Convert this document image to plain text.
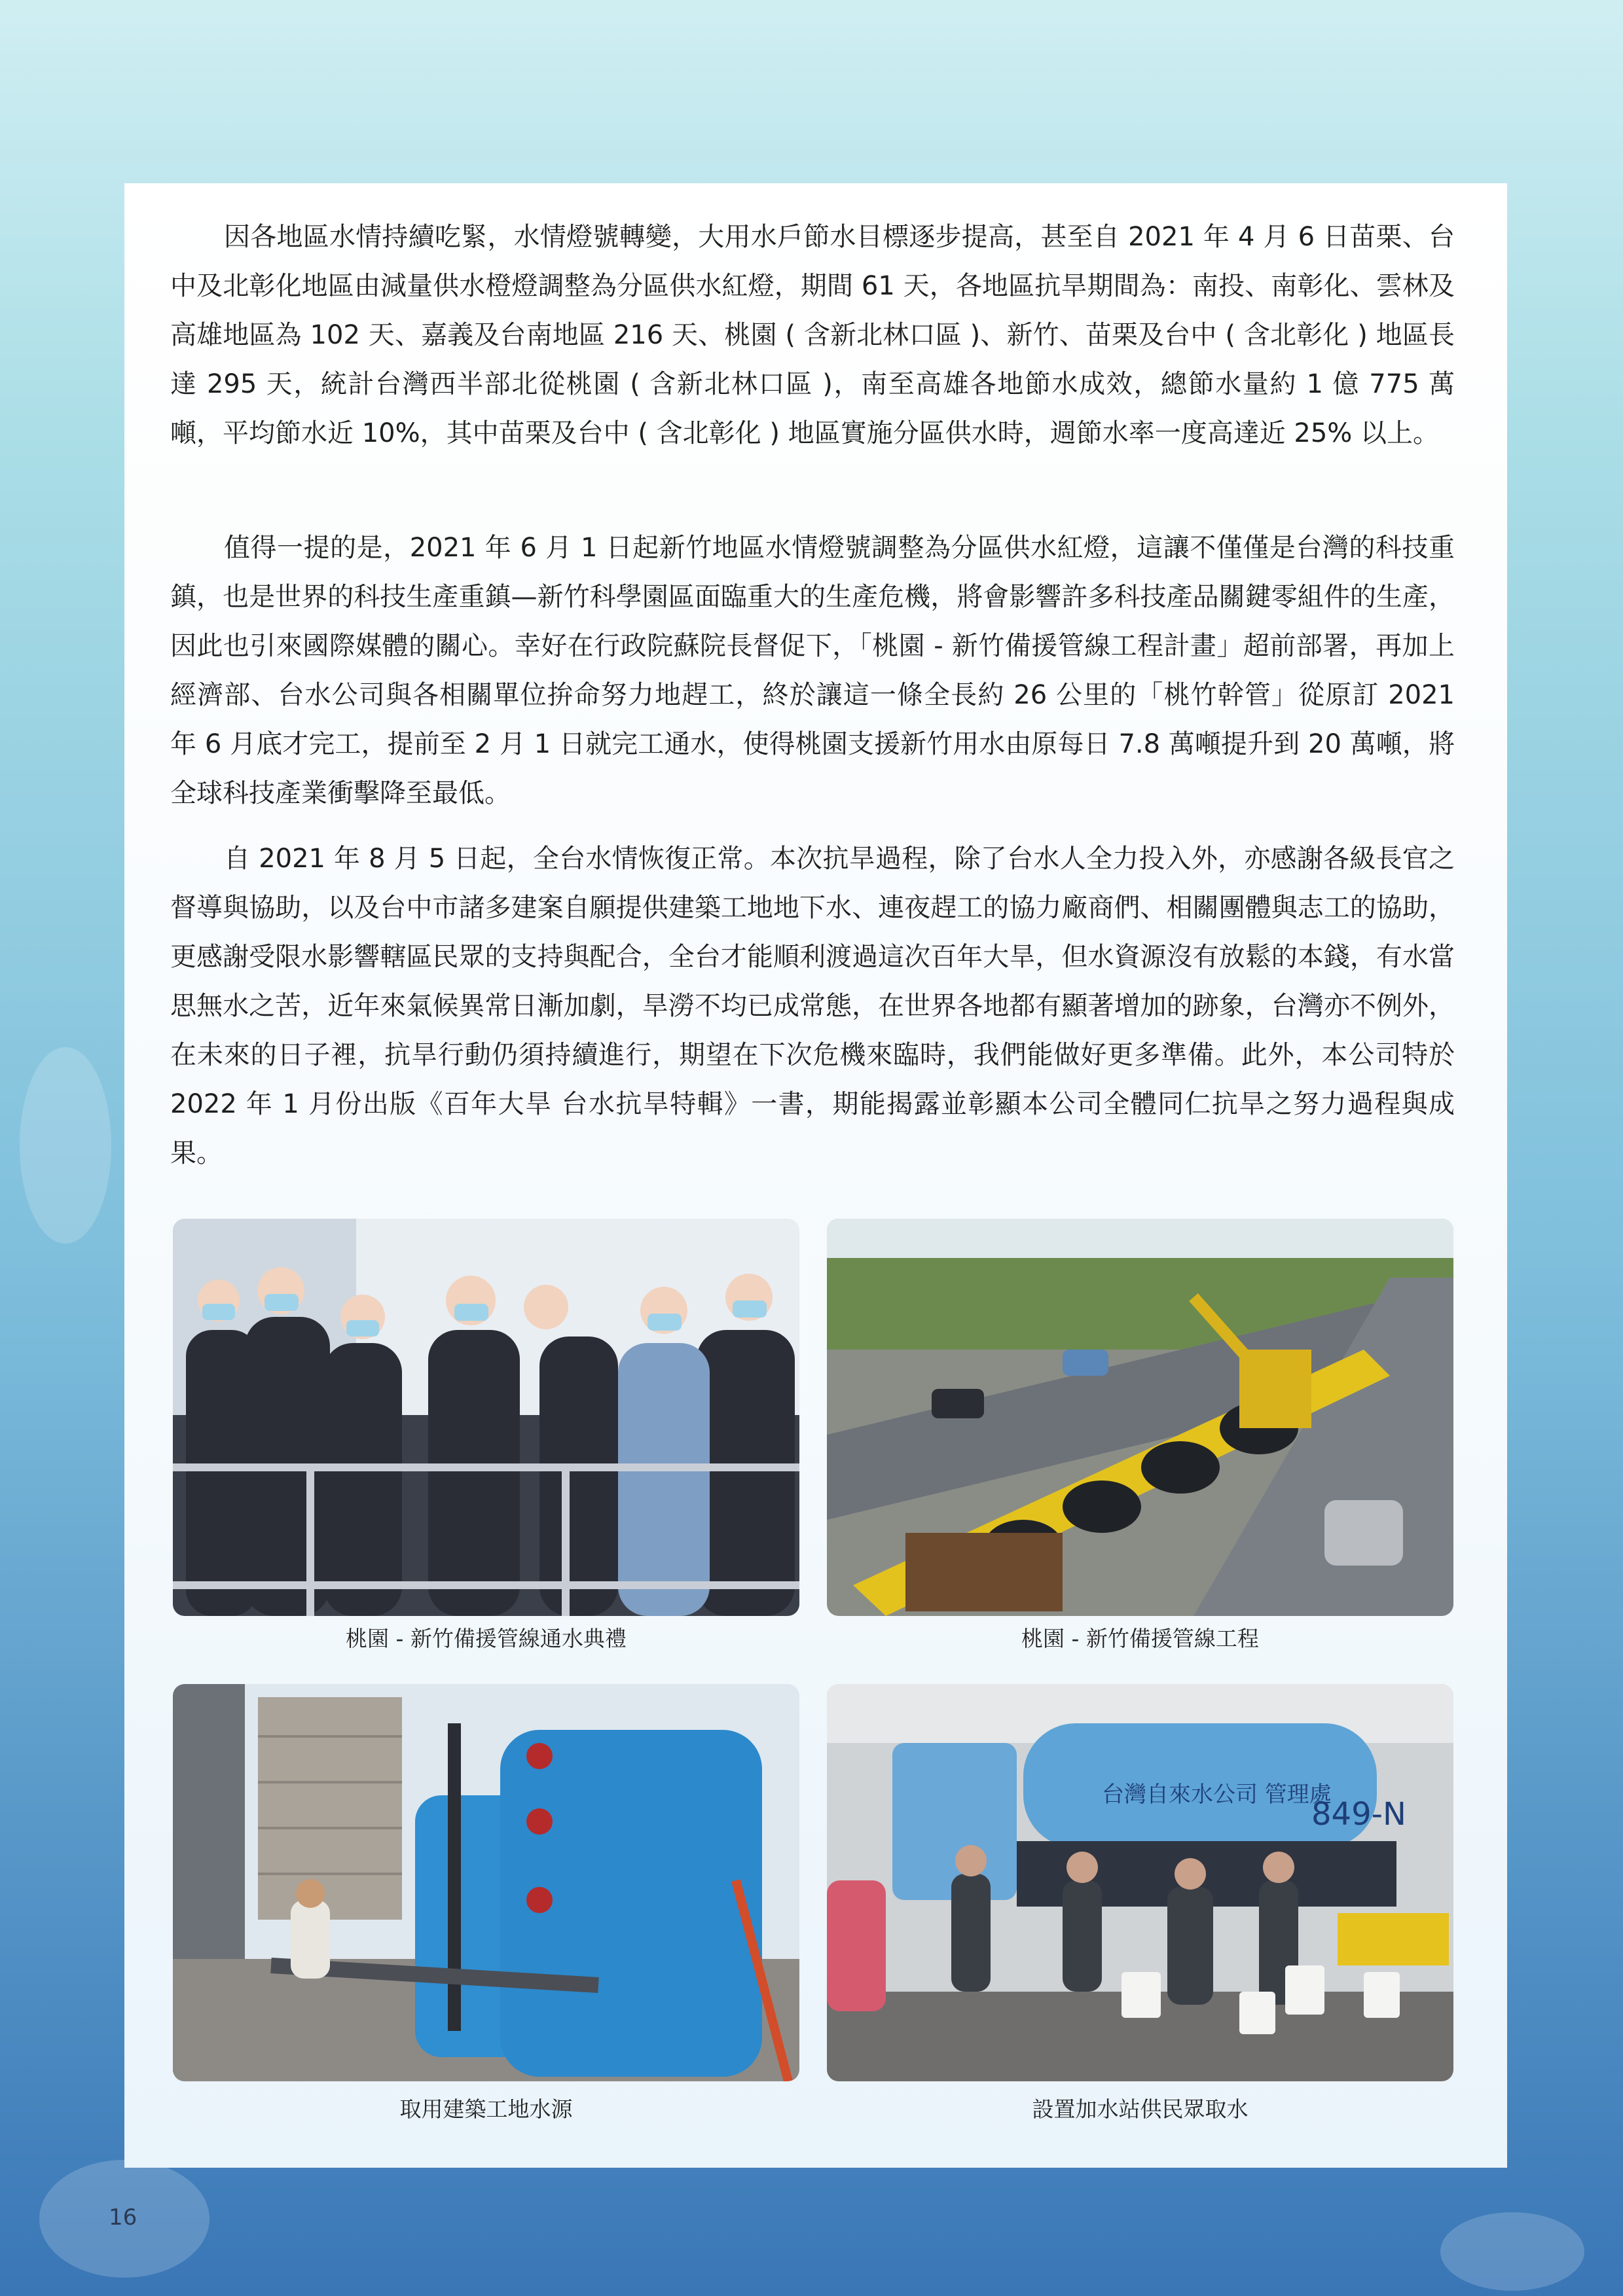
因各地區水情持續吃緊，水情燈號轉變，大用水戶節水目標逐步提高，甚至自 2021 年 4 月 6 日苗栗、台中及北彰化地區由減量供水橙燈調整為分區供水紅燈，期間 61 天，各地區抗旱期間為：南投、南彰化、雲林及高雄地區為 102 天、嘉義及台南地區 216 天、桃園 ( 含新北林口區 )、新竹、苗栗及台中 ( 含北彰化 ) 地區長達 295 天，統計台灣西半部北從桃園 ( 含新北林口區 )，南至高雄各地節水成效，總節水量約 1 億 775 萬噸，平均節水近 10%，其中苗栗及台中 ( 含北彰化 ) 地區實施分區供水時，週節水率一度高達近 25% 以上。

值得一提的是，2021 年 6 月 1 日起新竹地區水情燈號調整為分區供水紅燈，這讓不僅僅是台灣的科技重鎮，也是世界的科技生產重鎮—新竹科學園區面臨重大的生產危機，將會影響許多科技產品關鍵零組件的生產，因此也引來國際媒體的關心。幸好在行政院蘇院長督促下，「桃園 - 新竹備援管線工程計畫」超前部署，再加上經濟部、台水公司與各相關單位拚命努力地趕工，終於讓這一條全長約 26 公里的「桃竹幹管」從原訂 2021 年 6 月底才完工，提前至 2 月 1 日就完工通水，使得桃園支援新竹用水由原每日 7.8 萬噸提升到 20 萬噸，將全球科技產業衝擊降至最低。

自 2021 年 8 月 5 日起，全台水情恢復正常。本次抗旱過程，除了台水人全力投入外，亦感謝各級長官之督導與協助，以及台中市諸多建案自願提供建築工地地下水、連夜趕工的協力廠商們、相關團體與志工的協助，更感謝受限水影響轄區民眾的支持與配合，全台才能順利渡過這次百年大旱，但水資源沒有放鬆的本錢，有水當思無水之苦，近年來氣候異常日漸加劇，旱澇不均已成常態，在世界各地都有顯著增加的跡象，台灣亦不例外，在未來的日子裡，抗旱行動仍須持續進行，期望在下次危機來臨時，我們能做好更多準備。此外，本公司特於 2022 年 1 月份出版《百年大旱 台水抗旱特輯》一書，期能揭露並彰顯本公司全體同仁抗旱之努力過程與成果。

桃園 - 新竹備援管線通水典禮	桃園 - 新竹備援管線工程
取用建築工地水源
台灣自來水公司 管理處
849-N
設置加水站供民眾取水
16
